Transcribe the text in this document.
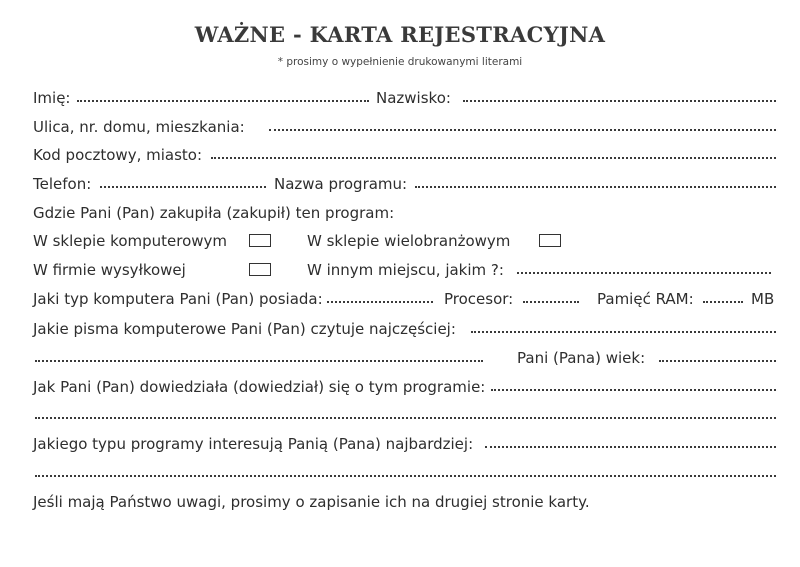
WAŻNE - KARTA REJESTRACYJNA
* prosimy o wypełnienie drukowanymi literami
Imię:	Nazwisko:
Ulica, nr. domu, mieszkania:
Kod pocztowy, miasto:
Telefon:	Nazwa programu:
Gdzie Pani (Pan) zakupiła (zakupił) ten program:
W sklepie komputerowym	W sklepie wielobranżowym
W firmie wysyłkowej	W innym miejscu, jakim ?:
Jaki typ komputera Pani (Pan) posiada:	Procesor:	Pamięć RAM:	MB
Jakie pisma komputerowe Pani (Pan) czytuje najczęściej:
Pani (Pana) wiek:
Jak Pani (Pan) dowiedziała (dowiedział) się o tym programie:
Jakiego typu programy interesują Panią (Pana) najbardziej:
Jeśli mają Państwo uwagi, prosimy o zapisanie ich na drugiej stronie karty.
